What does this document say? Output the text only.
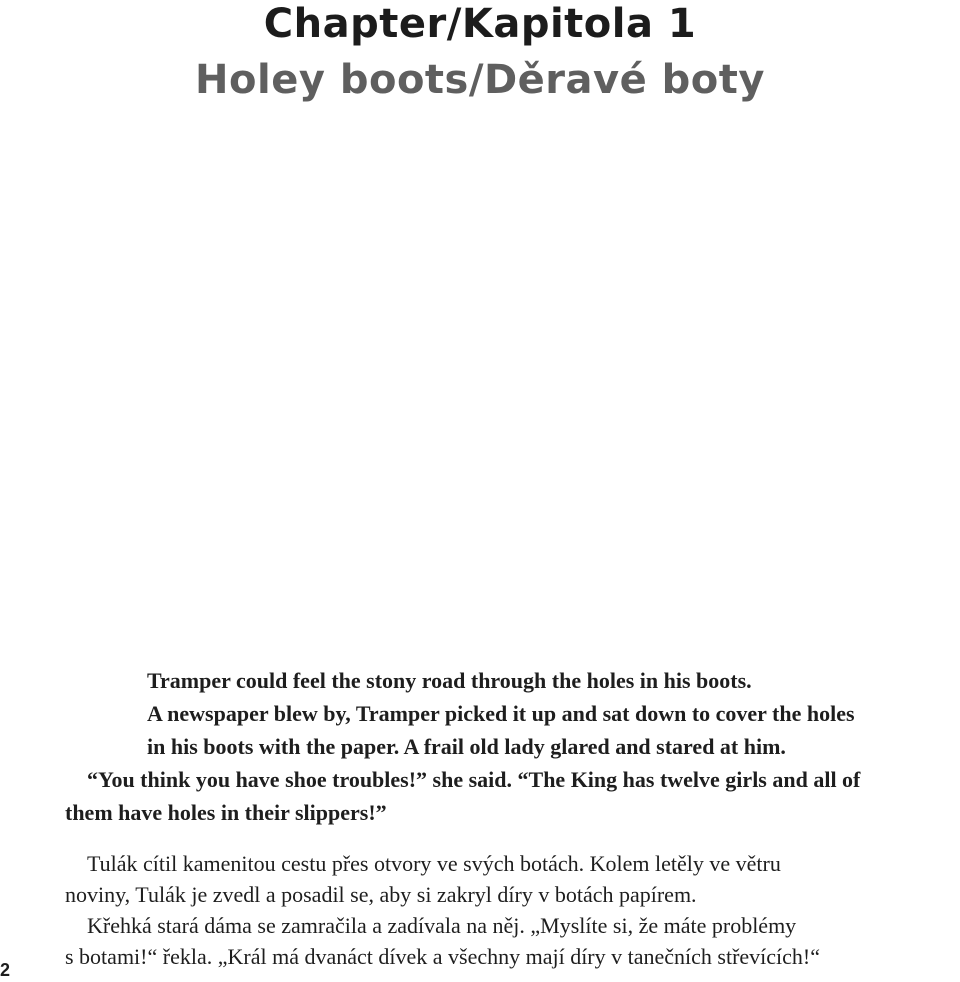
Chapter/Kapitola 1
Holey boots/Děravé boty
Tramper could feel the stony road through the holes in his boots.
A newspaper blew by, Tramper picked it up and sat down to cover the holes
in his boots with the paper. A frail old lady glared and stared at him.
“You think you have shoe troubles!” she said. “The King has twelve girls and all of
them have holes in their slippers!”
Tulák cítil kamenitou cestu přes otvory ve svých botách. Kolem letěly ve větru
noviny, Tulák je zvedl a posadil se, aby si zakryl díry v botách papírem.
Křehká stará dáma se zamračila a zadívala na něj. „Myslíte si, že máte problémy
s botami!“ řekla. „Král má dvanáct dívek a všechny mají díry v tanečních střevících!“
2
